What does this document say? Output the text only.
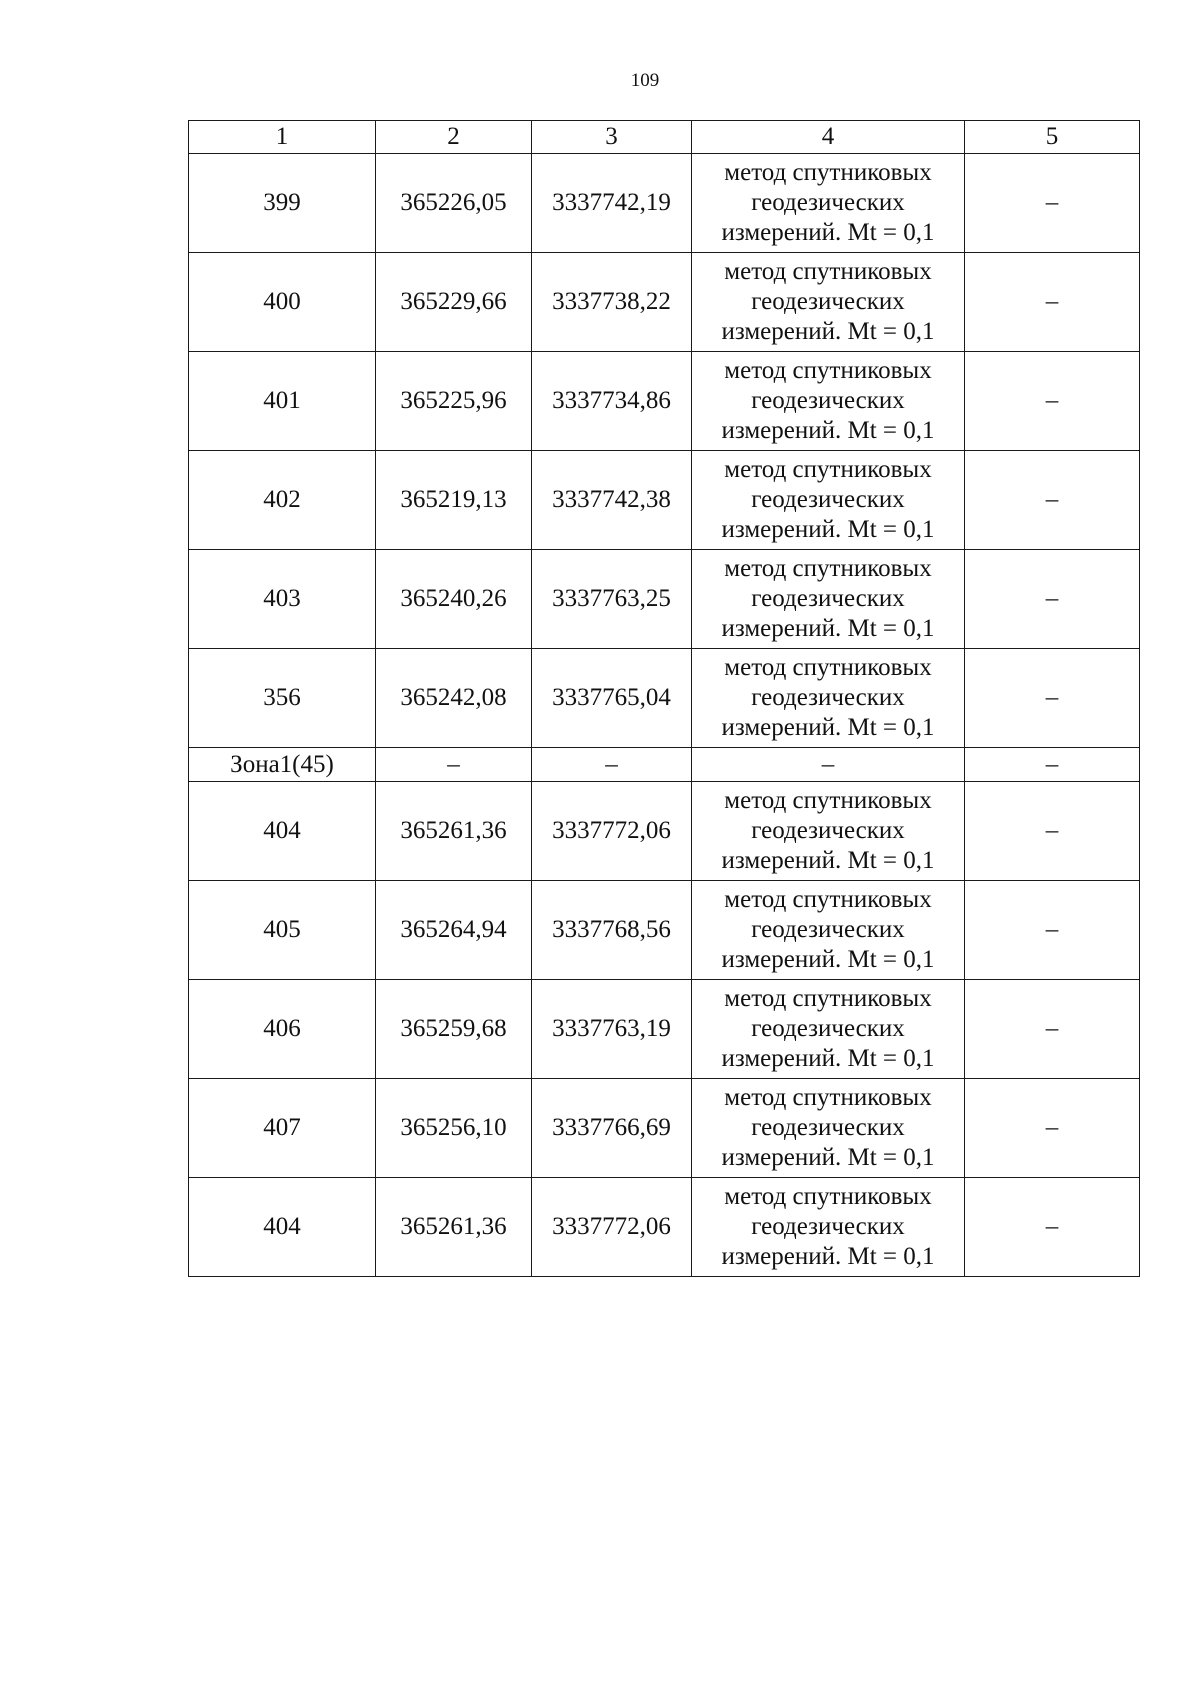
109
1	2	3	4	5
399	365226,05	3337742,19	метод спутниковых
геодезических
измерений. Mt = 0,1	–
400	365229,66	3337738,22	метод спутниковых
геодезических
измерений. Mt = 0,1	–
401	365225,96	3337734,86	метод спутниковых
геодезических
измерений. Mt = 0,1	–
402	365219,13	3337742,38	метод спутниковых
геодезических
измерений. Mt = 0,1	–
403	365240,26	3337763,25	метод спутниковых
геодезических
измерений. Mt = 0,1	–
356	365242,08	3337765,04	метод спутниковых
геодезических
измерений. Mt = 0,1	–
Зона1(45)	–	–	–	–
404	365261,36	3337772,06	метод спутниковых
геодезических
измерений. Mt = 0,1	–
405	365264,94	3337768,56	метод спутниковых
геодезических
измерений. Mt = 0,1	–
406	365259,68	3337763,19	метод спутниковых
геодезических
измерений. Mt = 0,1	–
407	365256,10	3337766,69	метод спутниковых
геодезических
измерений. Mt = 0,1	–
404	365261,36	3337772,06	метод спутниковых
геодезических
измерений. Mt = 0,1	–
